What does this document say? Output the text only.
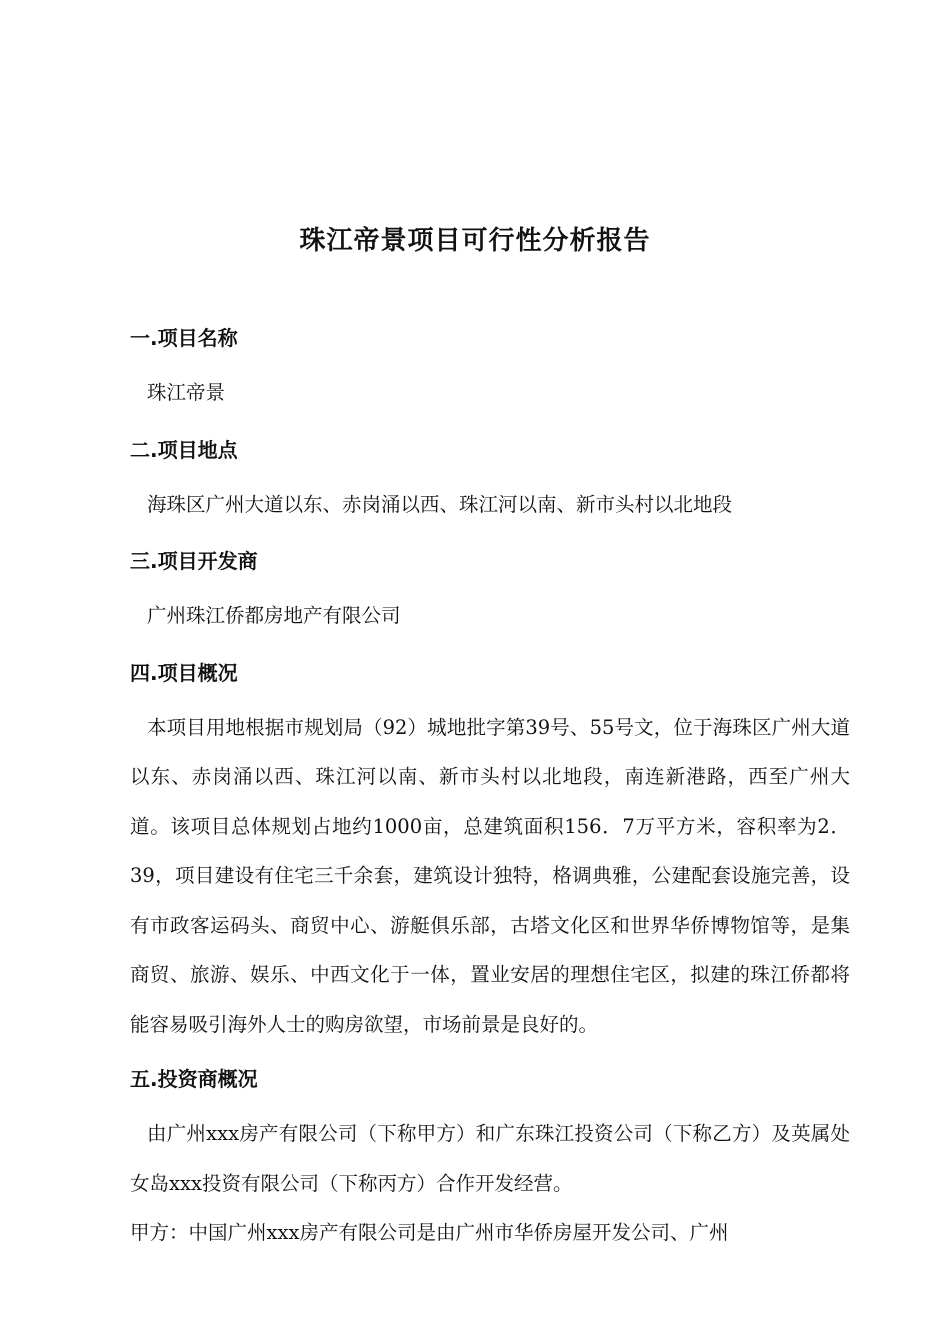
珠江帝景项目可行性分析报告
一.项目名称
珠江帝景
二.项目地点
海珠区广州大道以东、赤岗涌以西、珠江河以南、新市头村以北地段
三.项目开发商
广州珠江侨都房地产有限公司
四.项目概况
本项目用地根据市规划局（92）城地批字第39号、55号文，位于海珠区广州大道以东、赤岗涌以西、珠江河以南、新市头村以北地段，南连新港路，西至广州大道。该项目总体规划占地约1000亩，总建筑面积156．7万平方米，容积率为2．39，项目建设有住宅三千余套，建筑设计独特，格调典雅，公建配套设施完善，设有市政客运码头、商贸中心、游艇俱乐部，古塔文化区和世界华侨博物馆等，是集商贸、旅游、娱乐、中西文化于一体，置业安居的理想住宅区，拟建的珠江侨都将能容易吸引海外人士的购房欲望，市场前景是良好的。
五.投资商概况
由广州xxx房产有限公司（下称甲方）和广东珠江投资公司（下称乙方）及英属处女岛xxx投资有限公司（下称丙方）合作开发经营。
甲方：中国广州xxx房产有限公司是由广州市华侨房屋开发公司、广州
